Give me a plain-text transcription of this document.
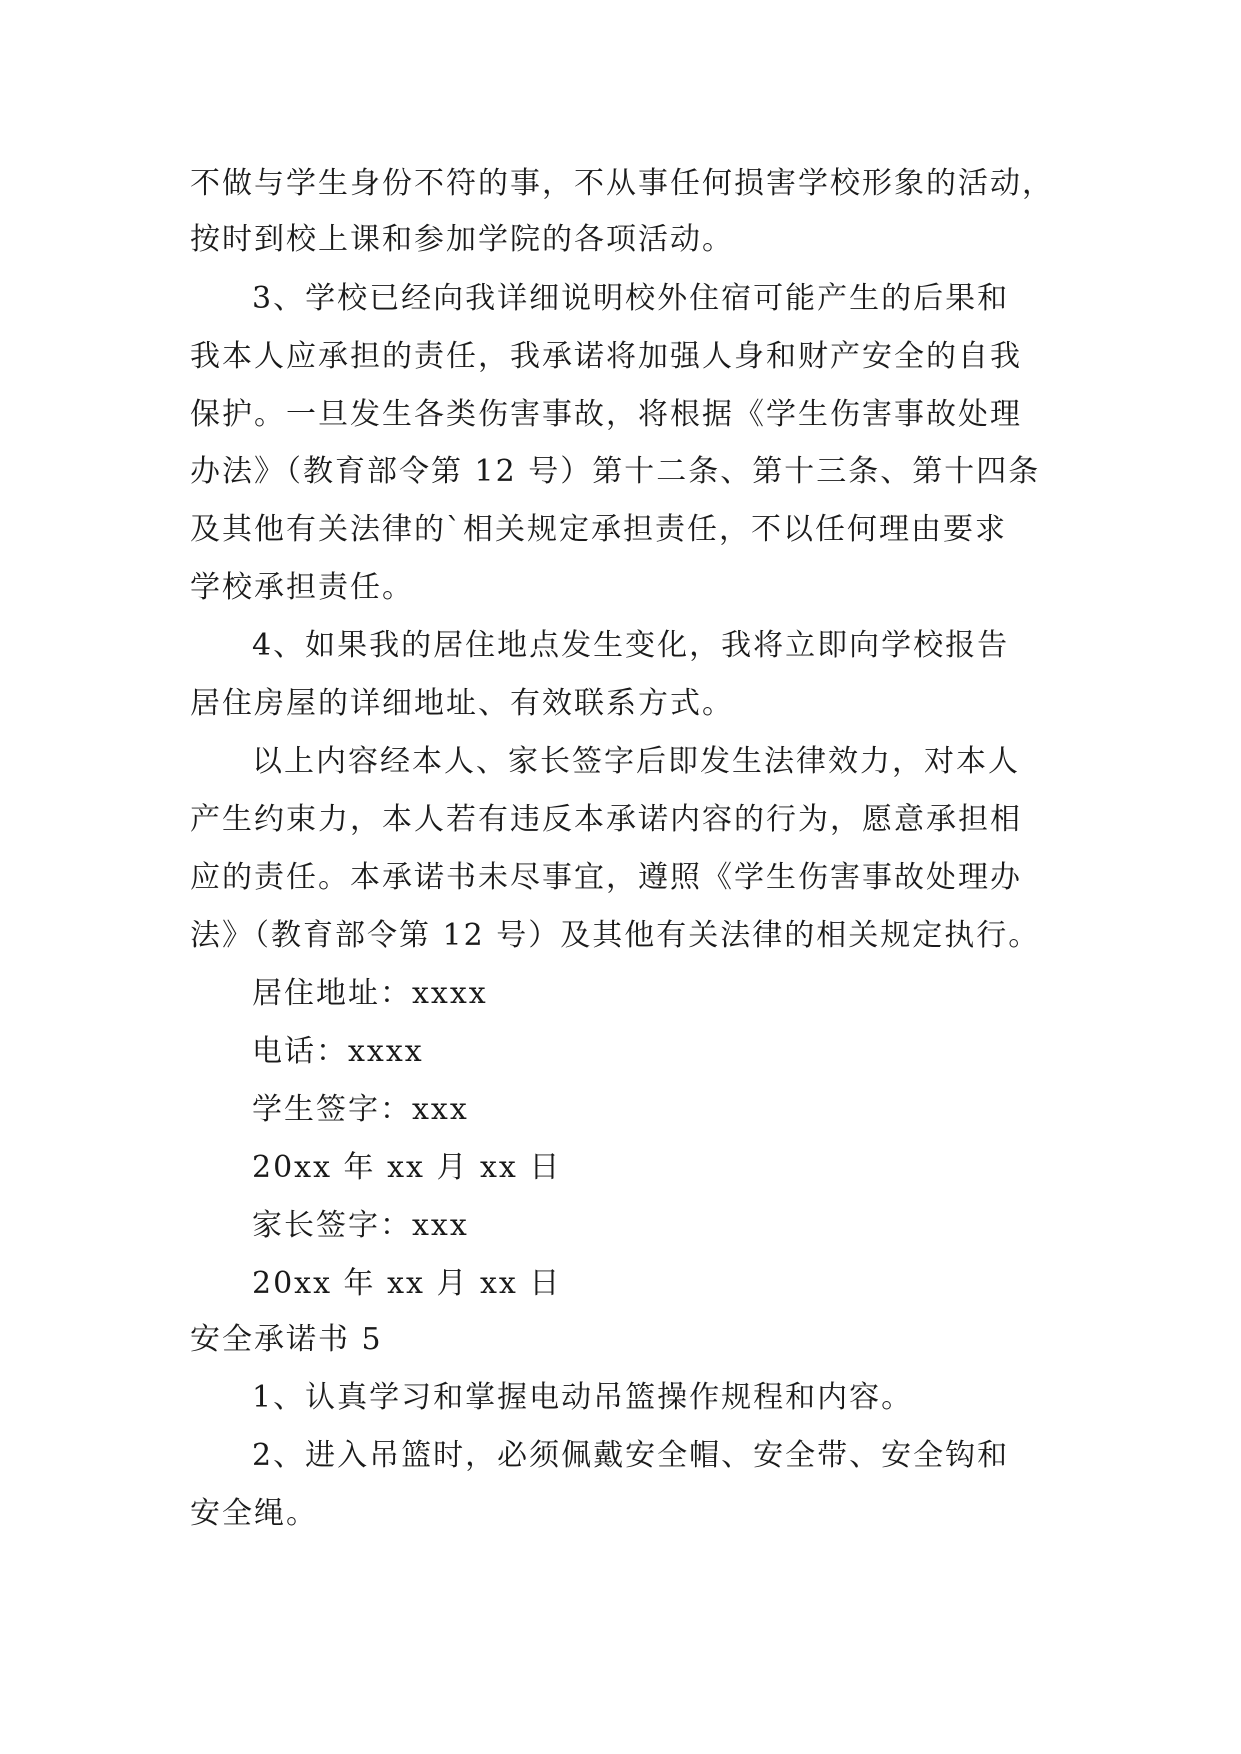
不做与学生身份不符的事，不从事任何损害学校形象的活动，
按时到校上课和参加学院的各项活动。
3、学校已经向我详细说明校外住宿可能产生的后果和
我本人应承担的责任，我承诺将加强人身和财产安全的自我
保护。一旦发生各类伤害事故，将根据《学生伤害事故处理
办法》（教育部令第 12 号）第十二条、第十三条、第十四条
及其他有关法律的`相关规定承担责任，不以任何理由要求
学校承担责任。
4、如果我的居住地点发生变化，我将立即向学校报告
居住房屋的详细地址、有效联系方式。
以上内容经本人、家长签字后即发生法律效力，对本人
产生约束力，本人若有违反本承诺内容的行为，愿意承担相
应的责任。本承诺书未尽事宜，遵照《学生伤害事故处理办
法》（教育部令第 12 号）及其他有关法律的相关规定执行。
居住地址：xxxx
电话：xxxx
学生签字：xxx
20xx 年 xx 月 xx 日
家长签字：xxx
20xx 年 xx 月 xx 日
安全承诺书 5
1、认真学习和掌握电动吊篮操作规程和内容。
2、进入吊篮时，必须佩戴安全帽、安全带、安全钩和
安全绳。
